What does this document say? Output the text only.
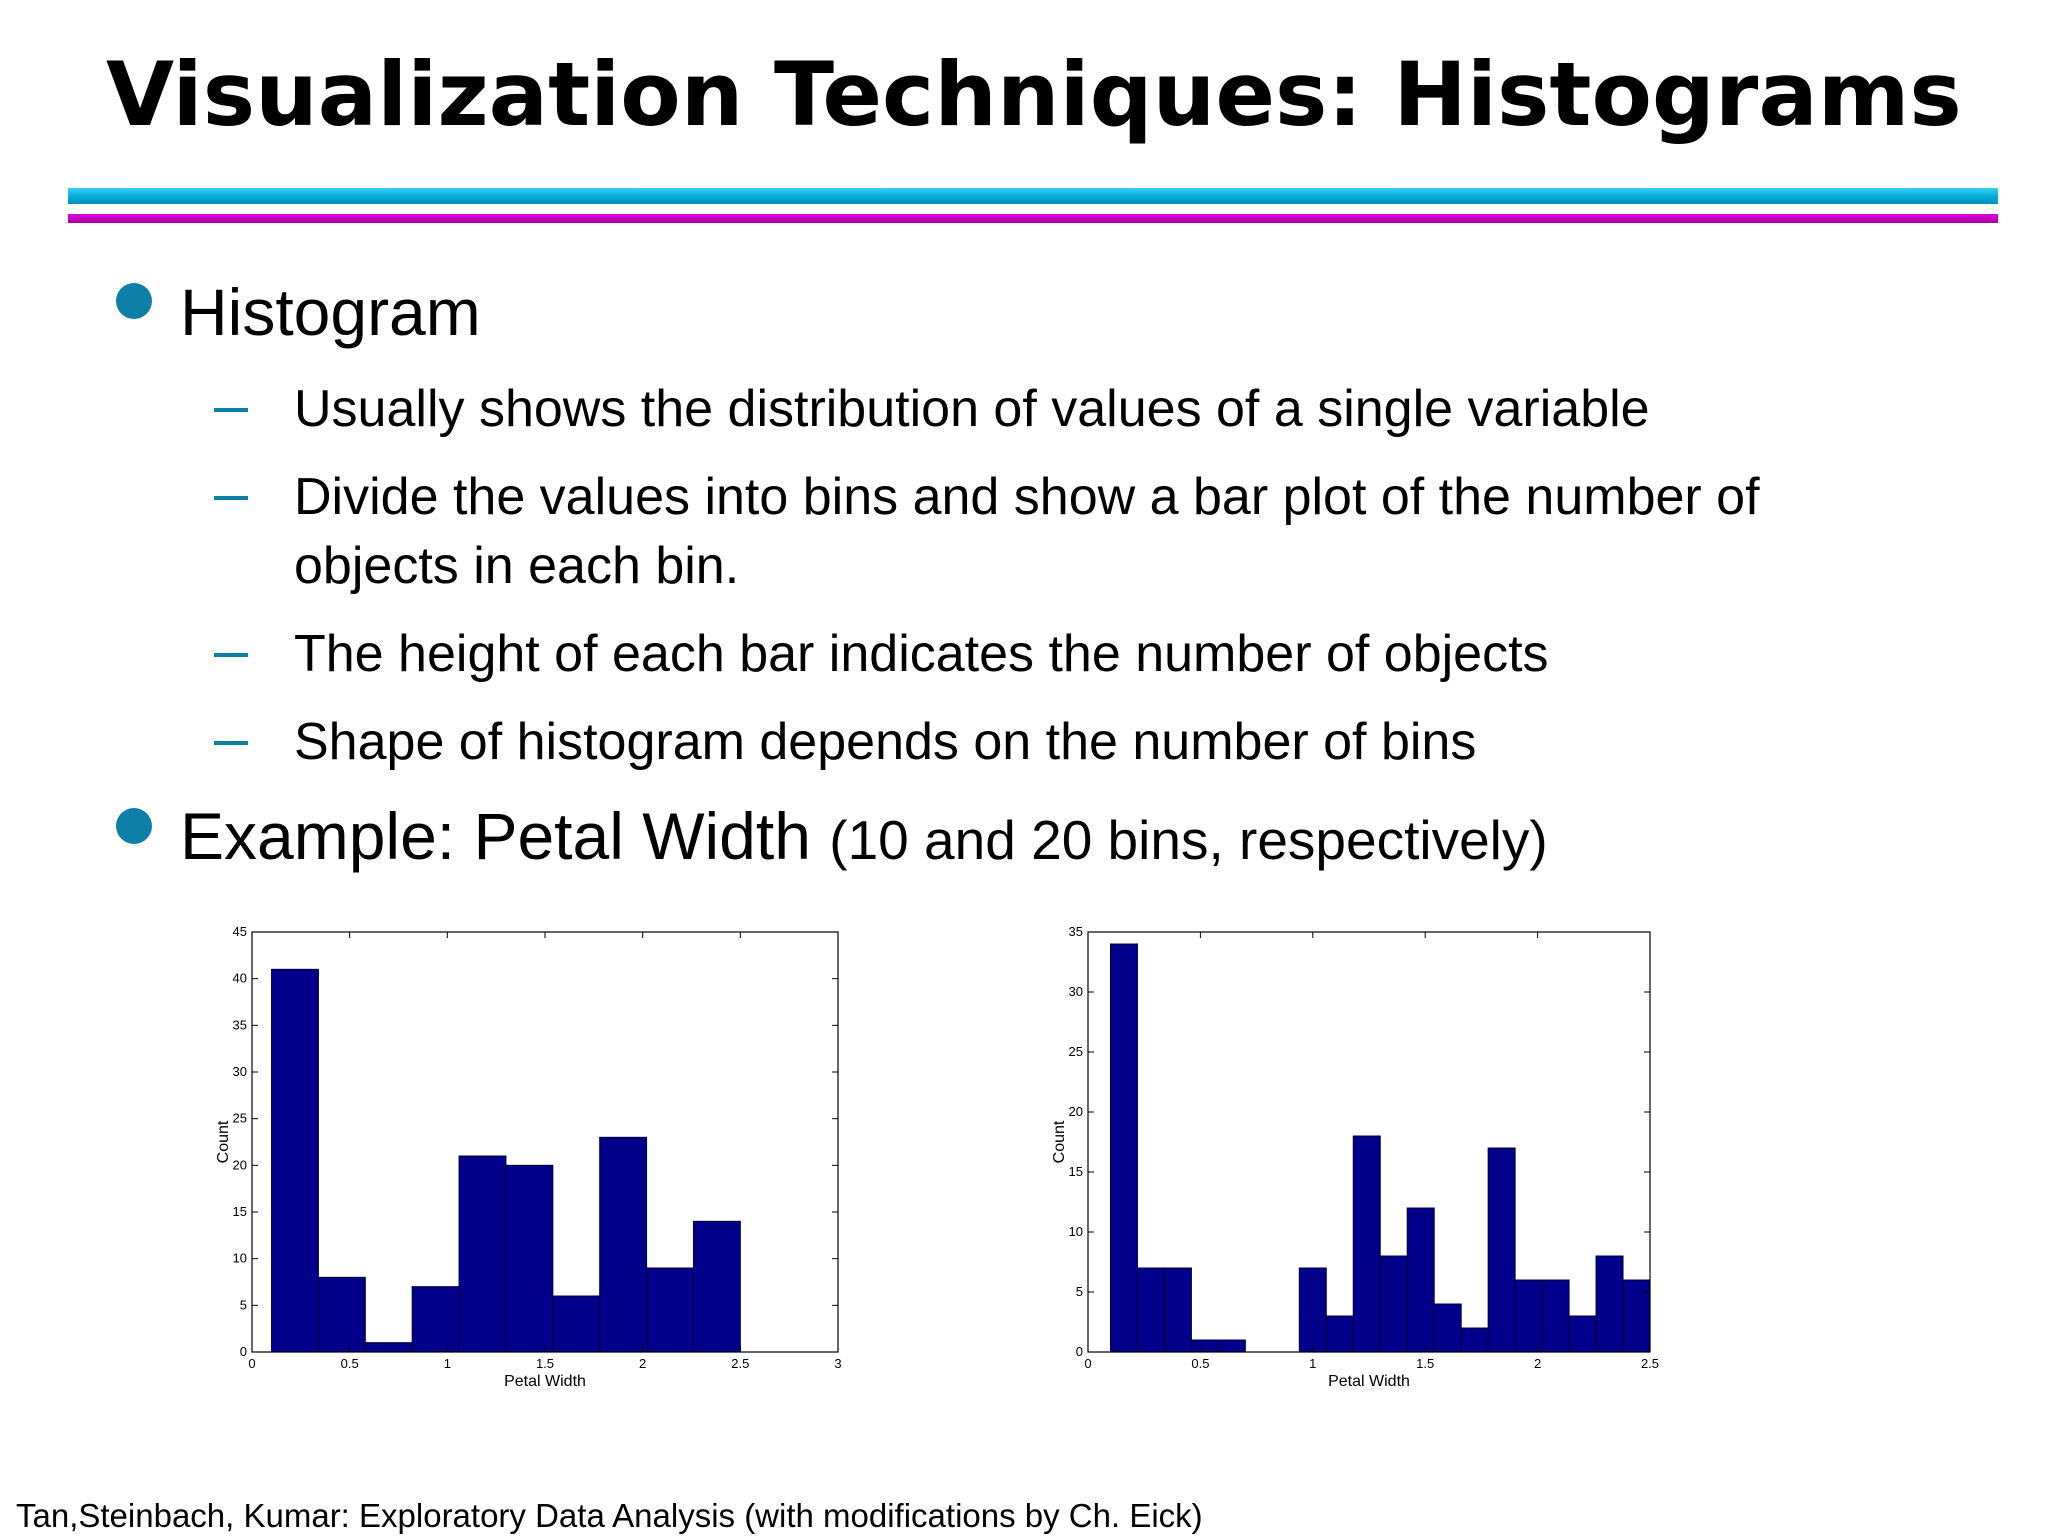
Visualization Techniques: Histograms
Histogram
Usually shows the distribution of values of a single variable
Divide the values into bins and show a bar plot of the number of
objects in each bin.
The height of each bar indicates the number of objects
Shape of histogram depends on the number of bins
Example: Petal Width (10 and 20 bins, respectively)
0
5
10
15
20
25
30
35
40
45
0	0.5	1	1.5	2	2.5	3
Petal Width
Count
0
5
10
15
20
25
30
35
0	0.5	1	1.5	2	2.5
Petal Width
Count
Tan,Steinbach, Kumar: Exploratory Data Analysis (with modifications by Ch. Eick)
